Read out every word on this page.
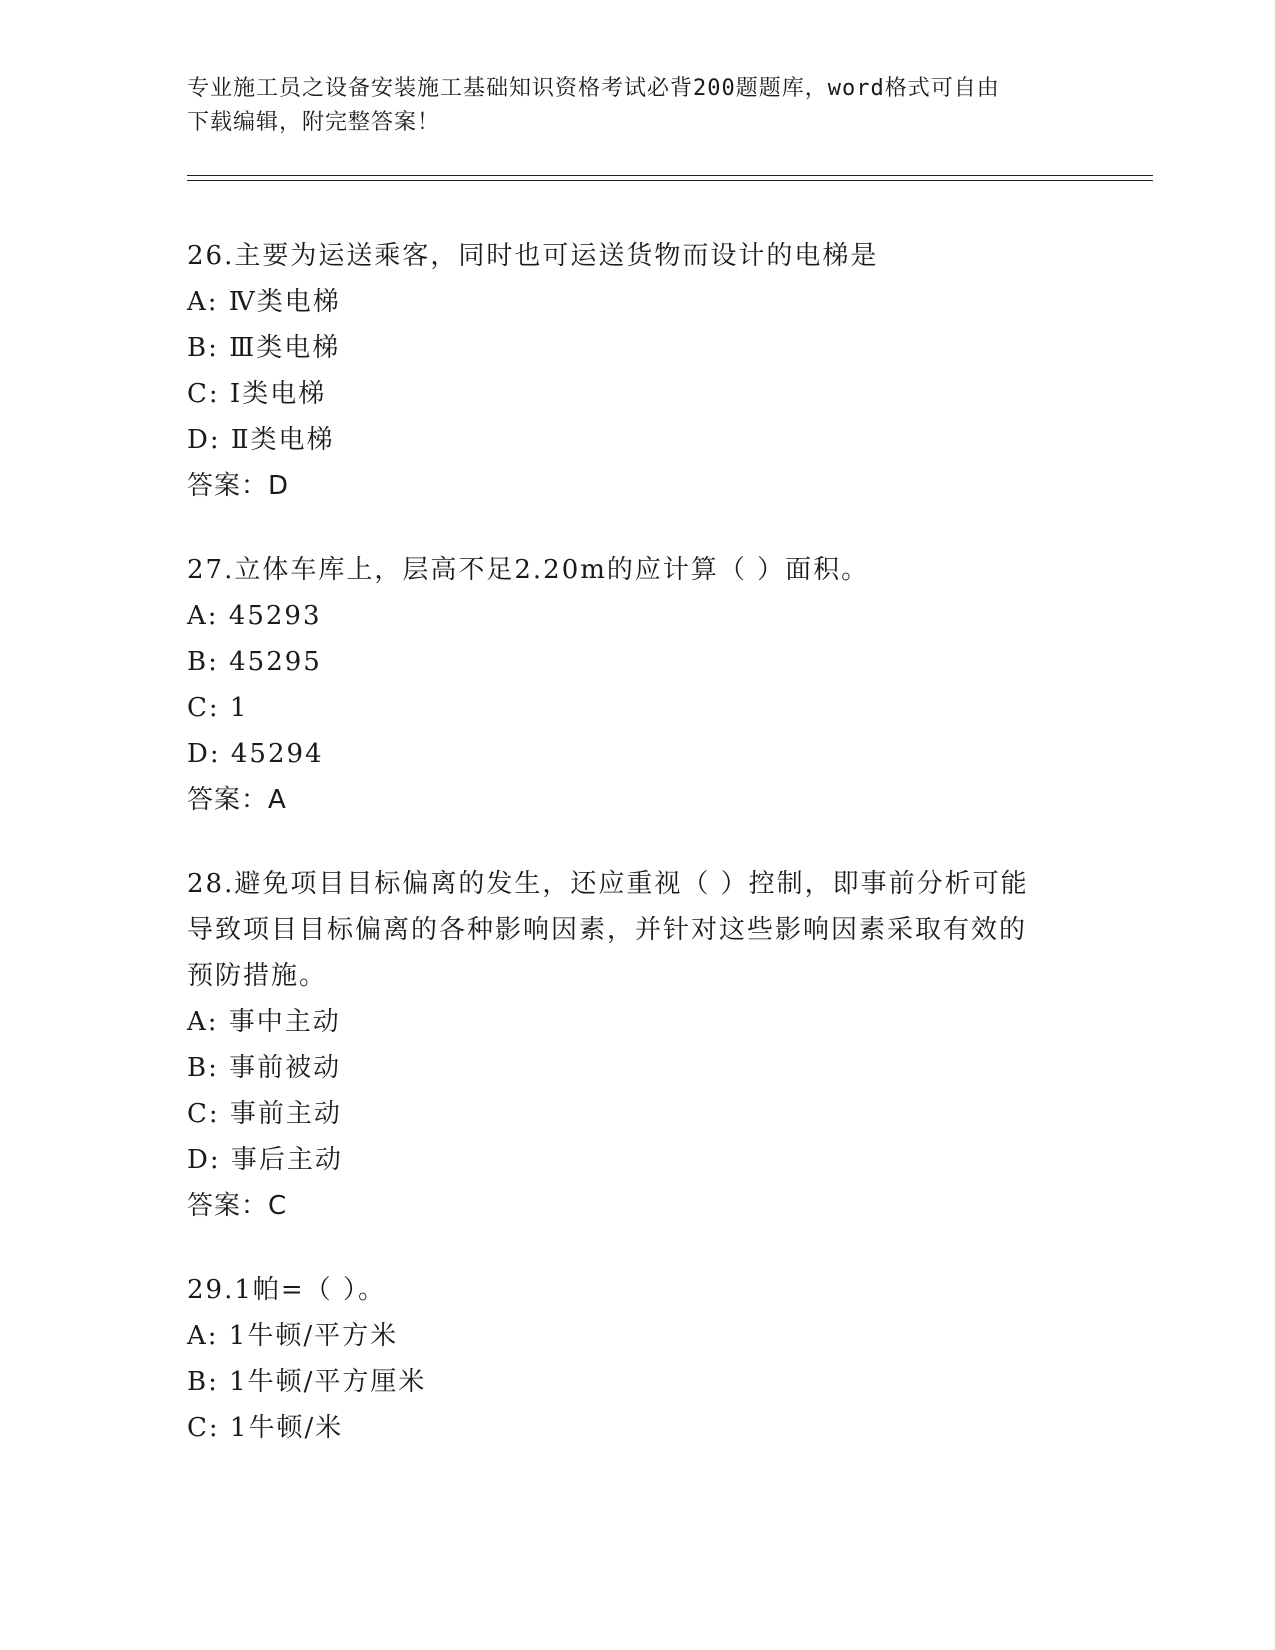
专业施工员之设备安装施工基础知识资格考试必背200题题库，word格式可自由
下载编辑，附完整答案！
26.主要为运送乘客，同时也可运送货物而设计的电梯是
A: Ⅳ类电梯
B: Ⅲ类电梯
C: Ⅰ类电梯
D: Ⅱ类电梯
答案：D
27.立体车库上，层高不足2.20m的应计算（ ）面积。
A: 45293
B: 45295
C: 1
D: 45294
答案：A
28.避免项目目标偏离的发生，还应重视（ ）控制，即事前分析可能
导致项目目标偏离的各种影响因素，并针对这些影响因素采取有效的
预防措施。
A: 事中主动
B: 事前被动
C: 事前主动
D: 事后主动
答案：C
29.1帕=（ ）。
A: 1牛顿/平方米
B: 1牛顿/平方厘米
C: 1牛顿/米
